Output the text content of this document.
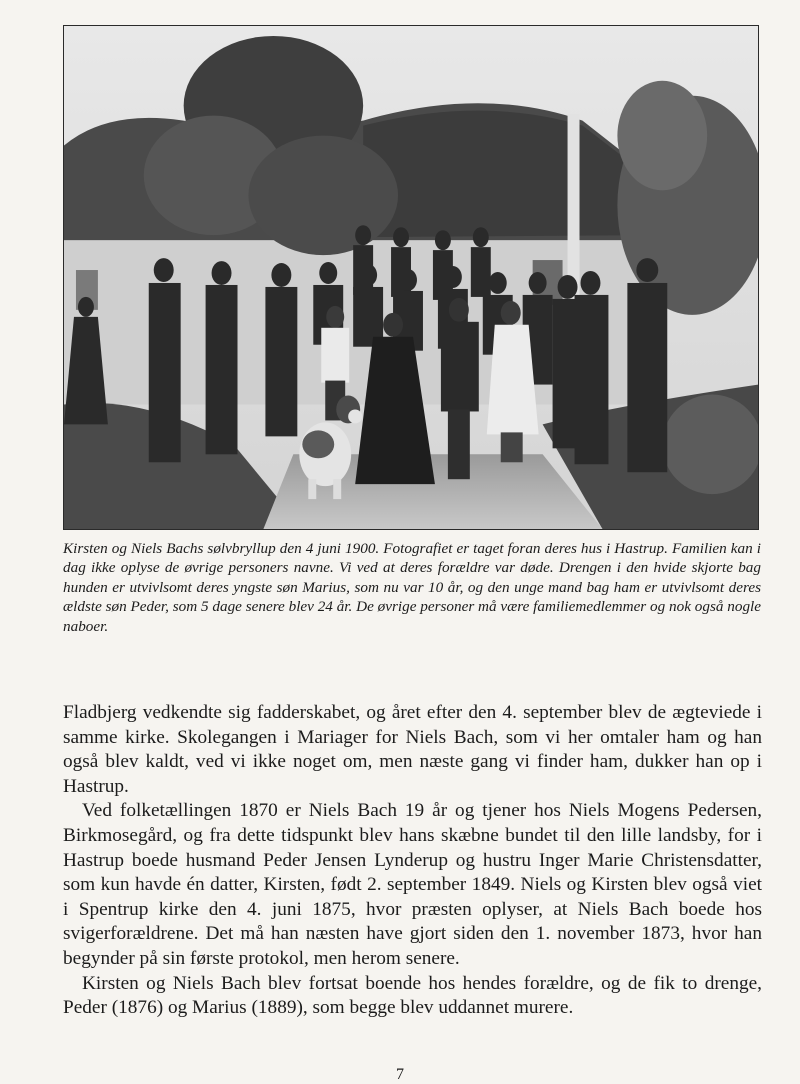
Kirsten og Niels Bachs sølvbryllup den 4 juni 1900. Fotografiet er taget foran deres hus i Hastrup. Familien kan i dag ikke oplyse de øvrige personers navne. Vi ved at deres forældre var døde. Drengen i den hvide skjorte bag hunden er utvivlsomt deres yngste søn Marius, som nu var 10 år, og den unge mand bag ham er utvivlsomt deres ældste søn Peder, som 5 dage senere blev 24 år. De øvrige personer må være familiemedlemmer og nok også nogle naboer.

Fladbjerg vedkendte sig fadderskabet, og året efter den 4. september blev de ægteviede i samme kirke. Skolegangen i Mariager for Niels Bach, som vi her omtaler ham og han også blev kaldt, ved vi ikke noget om, men næste gang vi finder ham, dukker han op i Hastrup.

Ved folketællingen 1870 er Niels Bach 19 år og tjener hos Niels Mogens Pedersen, Birkmosegård, og fra dette tidspunkt blev hans skæbne bundet til den lille landsby, for i Hastrup boede husmand Peder Jensen Lynderup og hustru Inger Marie Christensdatter, som kun havde én datter, Kirsten, født 2. september 1849. Niels og Kirsten blev også viet i Spentrup kirke den 4. juni 1875, hvor præsten oplyser, at Niels Bach boede hos svigerforældrene. Det må han næsten have gjort siden den 1. november 1873, hvor han begynder på sin første protokol, men herom senere.

Kirsten og Niels Bach blev fortsat boende hos hendes forældre, og de fik to drenge, Peder (1876) og Marius (1889), som begge blev uddannet murere.

7
